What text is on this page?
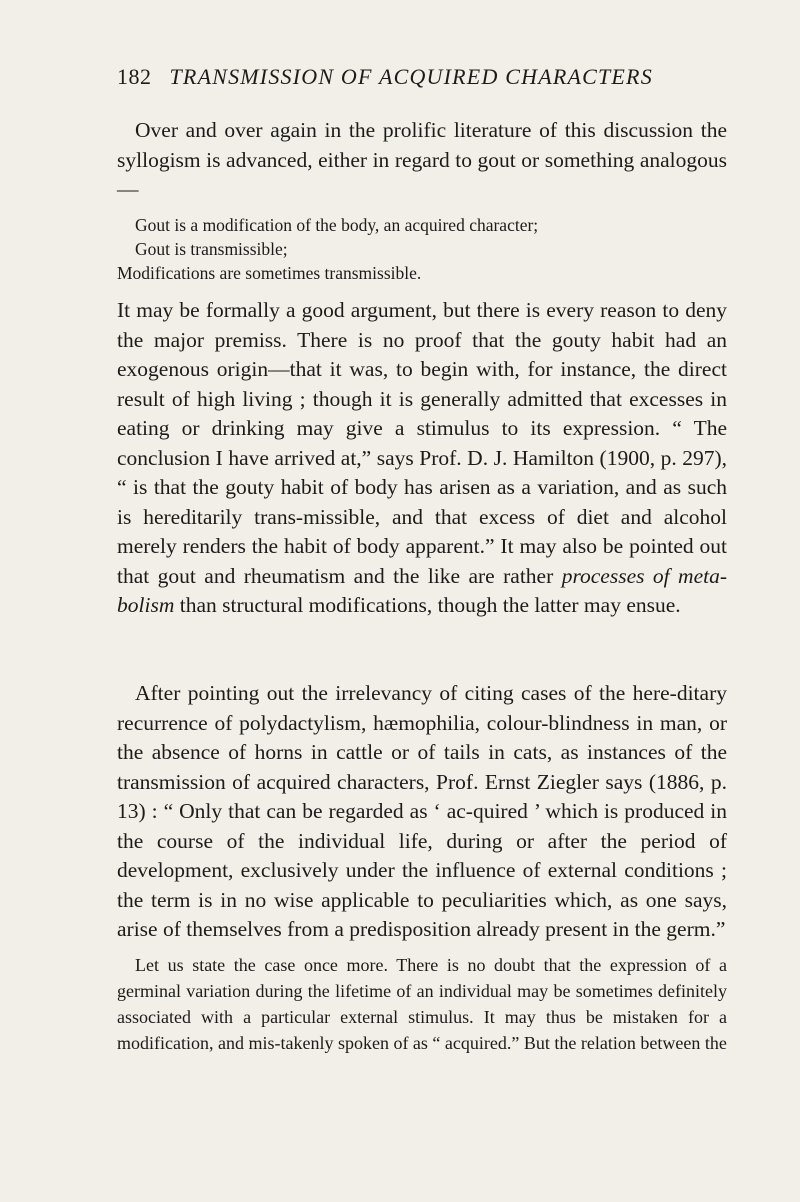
182 TRANSMISSION OF ACQUIRED CHARACTERS

Over and over again in the prolific literature of this discussion the syllogism is advanced, either in regard to gout or something analogous—

Gout is a modification of the body, an acquired character;
Gout is transmissible;
Modifications are sometimes transmissible.

It may be formally a good argument, but there is every reason to deny the major premiss. There is no proof that the gouty habit had an exogenous origin—that it was, to begin with, for instance, the direct result of high living ; though it is generally admitted that excesses in eating or drinking may give a stimulus to its expression. “ The conclusion I have arrived at,” says Prof. D. J. Hamilton (1900, p. 297), “ is that the gouty habit of body has arisen as a variation, and as such is hereditarily trans-missible, and that excess of diet and alcohol merely renders the habit of body apparent.” It may also be pointed out that gout and rheumatism and the like are rather processes of meta-bolism than structural modifications, though the latter may ensue.

After pointing out the irrelevancy of citing cases of the here-ditary recurrence of polydactylism, hæmophilia, colour-blindness in man, or the absence of horns in cattle or of tails in cats, as instances of the transmission of acquired characters, Prof. Ernst Ziegler says (1886, p. 13) : “ Only that can be regarded as ‘ ac-quired ’ which is produced in the course of the individual life, during or after the period of development, exclusively under the influence of external conditions ; the term is in no wise applicable to peculiarities which, as one says, arise of themselves from a predisposition already present in the germ.”

Let us state the case once more. There is no doubt that the expression of a germinal variation during the lifetime of an individual may be sometimes definitely associated with a particular external stimulus. It may thus be mistaken for a modification, and mis-takenly spoken of as “ acquired.” But the relation between the
